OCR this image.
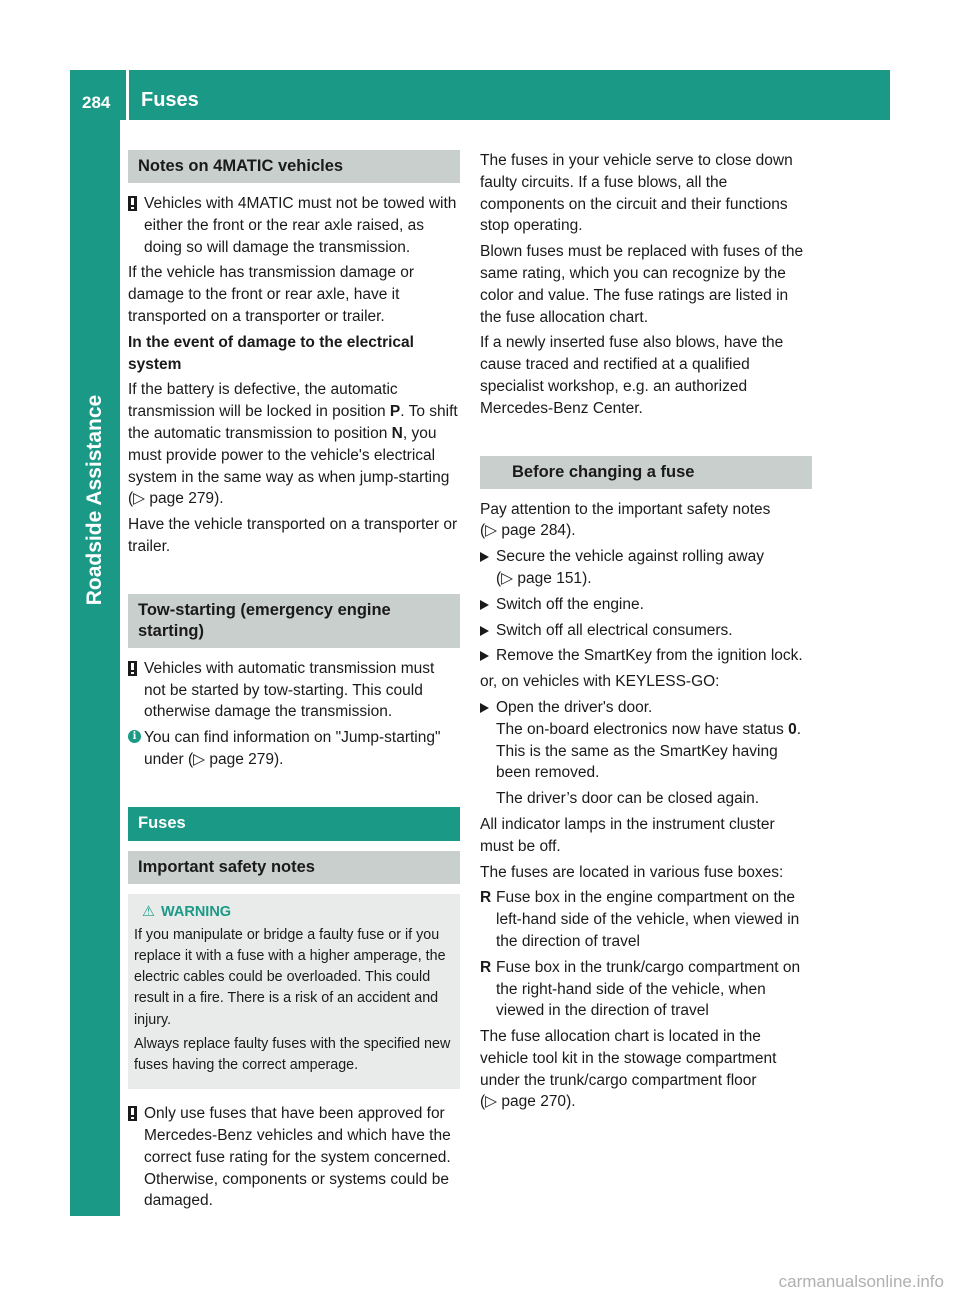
284 Fuses
Roadside Assistance
Notes on 4MATIC vehicles
Vehicles with 4MATIC must not be towed with either the front or the rear axle raised, as doing so will damage the transmission.

If the vehicle has transmission damage or damage to the front or rear axle, have it transported on a transporter or trailer.

In the event of damage to the electrical system

If the battery is defective, the automatic transmission will be locked in position P. To shift the automatic transmission to position N, you must provide power to the vehicle's electrical system in the same way as when jump-starting (▷ page 279).

Have the vehicle transported on a transporter or trailer.

Tow-starting (emergency engine starting)
Vehicles with automatic transmission must not be started by tow-starting. This could otherwise damage the transmission.
i You can find information on "Jump-starting" under (▷ page 279).
Fuses
Important safety notes
⚠ WARNING

If you manipulate or bridge a faulty fuse or if you replace it with a fuse with a higher amperage, the electric cables could be overloaded. This could result in a fire. There is a risk of an accident and injury.

Always replace faulty fuses with the specified new fuses having the correct amperage.

Only use fuses that have been approved for Mercedes-Benz vehicles and which have the correct fuse rating for the system concerned. Otherwise, components or systems could be damaged.

The fuses in your vehicle serve to close down faulty circuits. If a fuse blows, all the components on the circuit and their functions stop operating.

Blown fuses must be replaced with fuses of the same rating, which you can recognize by the color and value. The fuse ratings are listed in the fuse allocation chart.

If a newly inserted fuse also blows, have the cause traced and rectified at a qualified specialist workshop, e.g. an authorized Mercedes-Benz Center.

Before changing a fuse

Pay attention to the important safety notes (▷ page 284).

Secure the vehicle against rolling away (▷ page 151).
Switch off the engine.
Switch off all electrical consumers.
Remove the SmartKey from the ignition lock.

or, on vehicles with KEYLESS-GO:

Open the driver's door.
The on-board electronics now have status 0. This is the same as the SmartKey having been removed.
The driver’s door can be closed again.

All indicator lamps in the instrument cluster must be off.

The fuses are located in various fuse boxes:

R Fuse box in the engine compartment on the left-hand side of the vehicle, when viewed in the direction of travel
R Fuse box in the trunk/cargo compartment on the right-hand side of the vehicle, when viewed in the direction of travel

The fuse allocation chart is located in the vehicle tool kit in the stowage compartment under the trunk/cargo compartment floor (▷ page 270).

carmanualsonline.info
